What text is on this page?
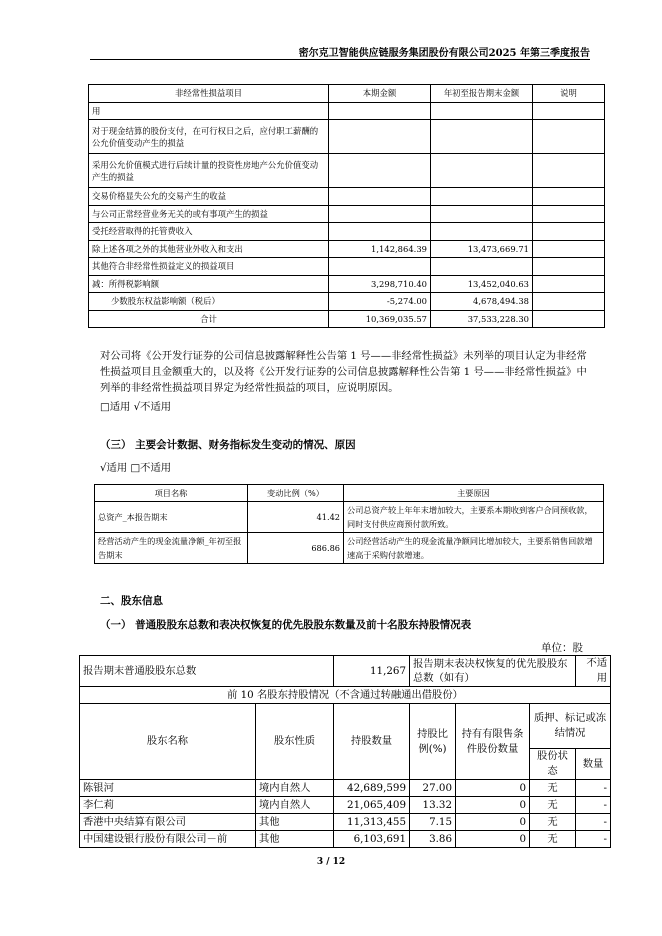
密尔克卫智能供应链服务集团股份有限公司2025 年第三季度报告
非经常性损益项目	本期金额	年初至报告期末金额	说明
用			
对于现金结算的股份支付，在可行权日之后，应付职工薪酬的公允价值变动产生的损益			
采用公允价值模式进行后续计量的投资性房地产公允价值变动产生的损益			
交易价格显失公允的交易产生的收益			
与公司正常经营业务无关的或有事项产生的损益			
受托经营取得的托管费收入			
除上述各项之外的其他营业外收入和支出	1,142,864.39	13,473,669.71	
其他符合非经常性损益定义的损益项目			
减：所得税影响额	3,298,710.40	13,452,040.63	
少数股东权益影响额（税后）	-5,274.00	4,678,494.38	
合计	10,369,035.57	37,533,228.30	

对公司将《公开发行证券的公司信息披露解释性公告第 1 号——非经常性损益》未列举的项目认定为非经常性损益项目且金额重大的，以及将《公开发行证券的公司信息披露解释性公告第 1 号——非经常性损益》中列举的非经常性损益项目界定为经常性损益的项目，应说明原因。

□适用 √不适用

（三） 主要会计数据、财务指标发生变动的情况、原因

√适用 □不适用

项目名称	变动比例（%）	主要原因
总资产_本报告期末	41.42	公司总资产较上年年末增加较大，主要系本期收到客户合同预收款，同时支付供应商预付款所致。
经营活动产生的现金流量净额_年初至报告期末	686.86	公司经营活动产生的现金流量净额同比增加较大，主要系销售回款增速高于采购付款增速。

二、股东信息

（一） 普通股股东总数和表决权恢复的优先股股东数量及前十名股东持股情况表

单位：股
报告期末普通股股东总数		11,267	报告期末表决权恢复的优先股股东总数（如有）			不适用
前 10 名股东持股情况（不含通过转融通出借股份）						
股东名称	股东性质	持股数量	持股比例(%)	持有有限售条件股份数量	质押、标记或冻结情况	
					股份状态	数量
陈银河	境内自然人	42,689,599	27.00	0	无	-
李仁莉	境内自然人	21,065,409	13.32	0	无	-
香港中央结算有限公司	其他	11,313,455	7.15	0	无	-
中国建设银行股份有限公司－前	其他	6,103,691	3.86	0	无	-
3 / 12
